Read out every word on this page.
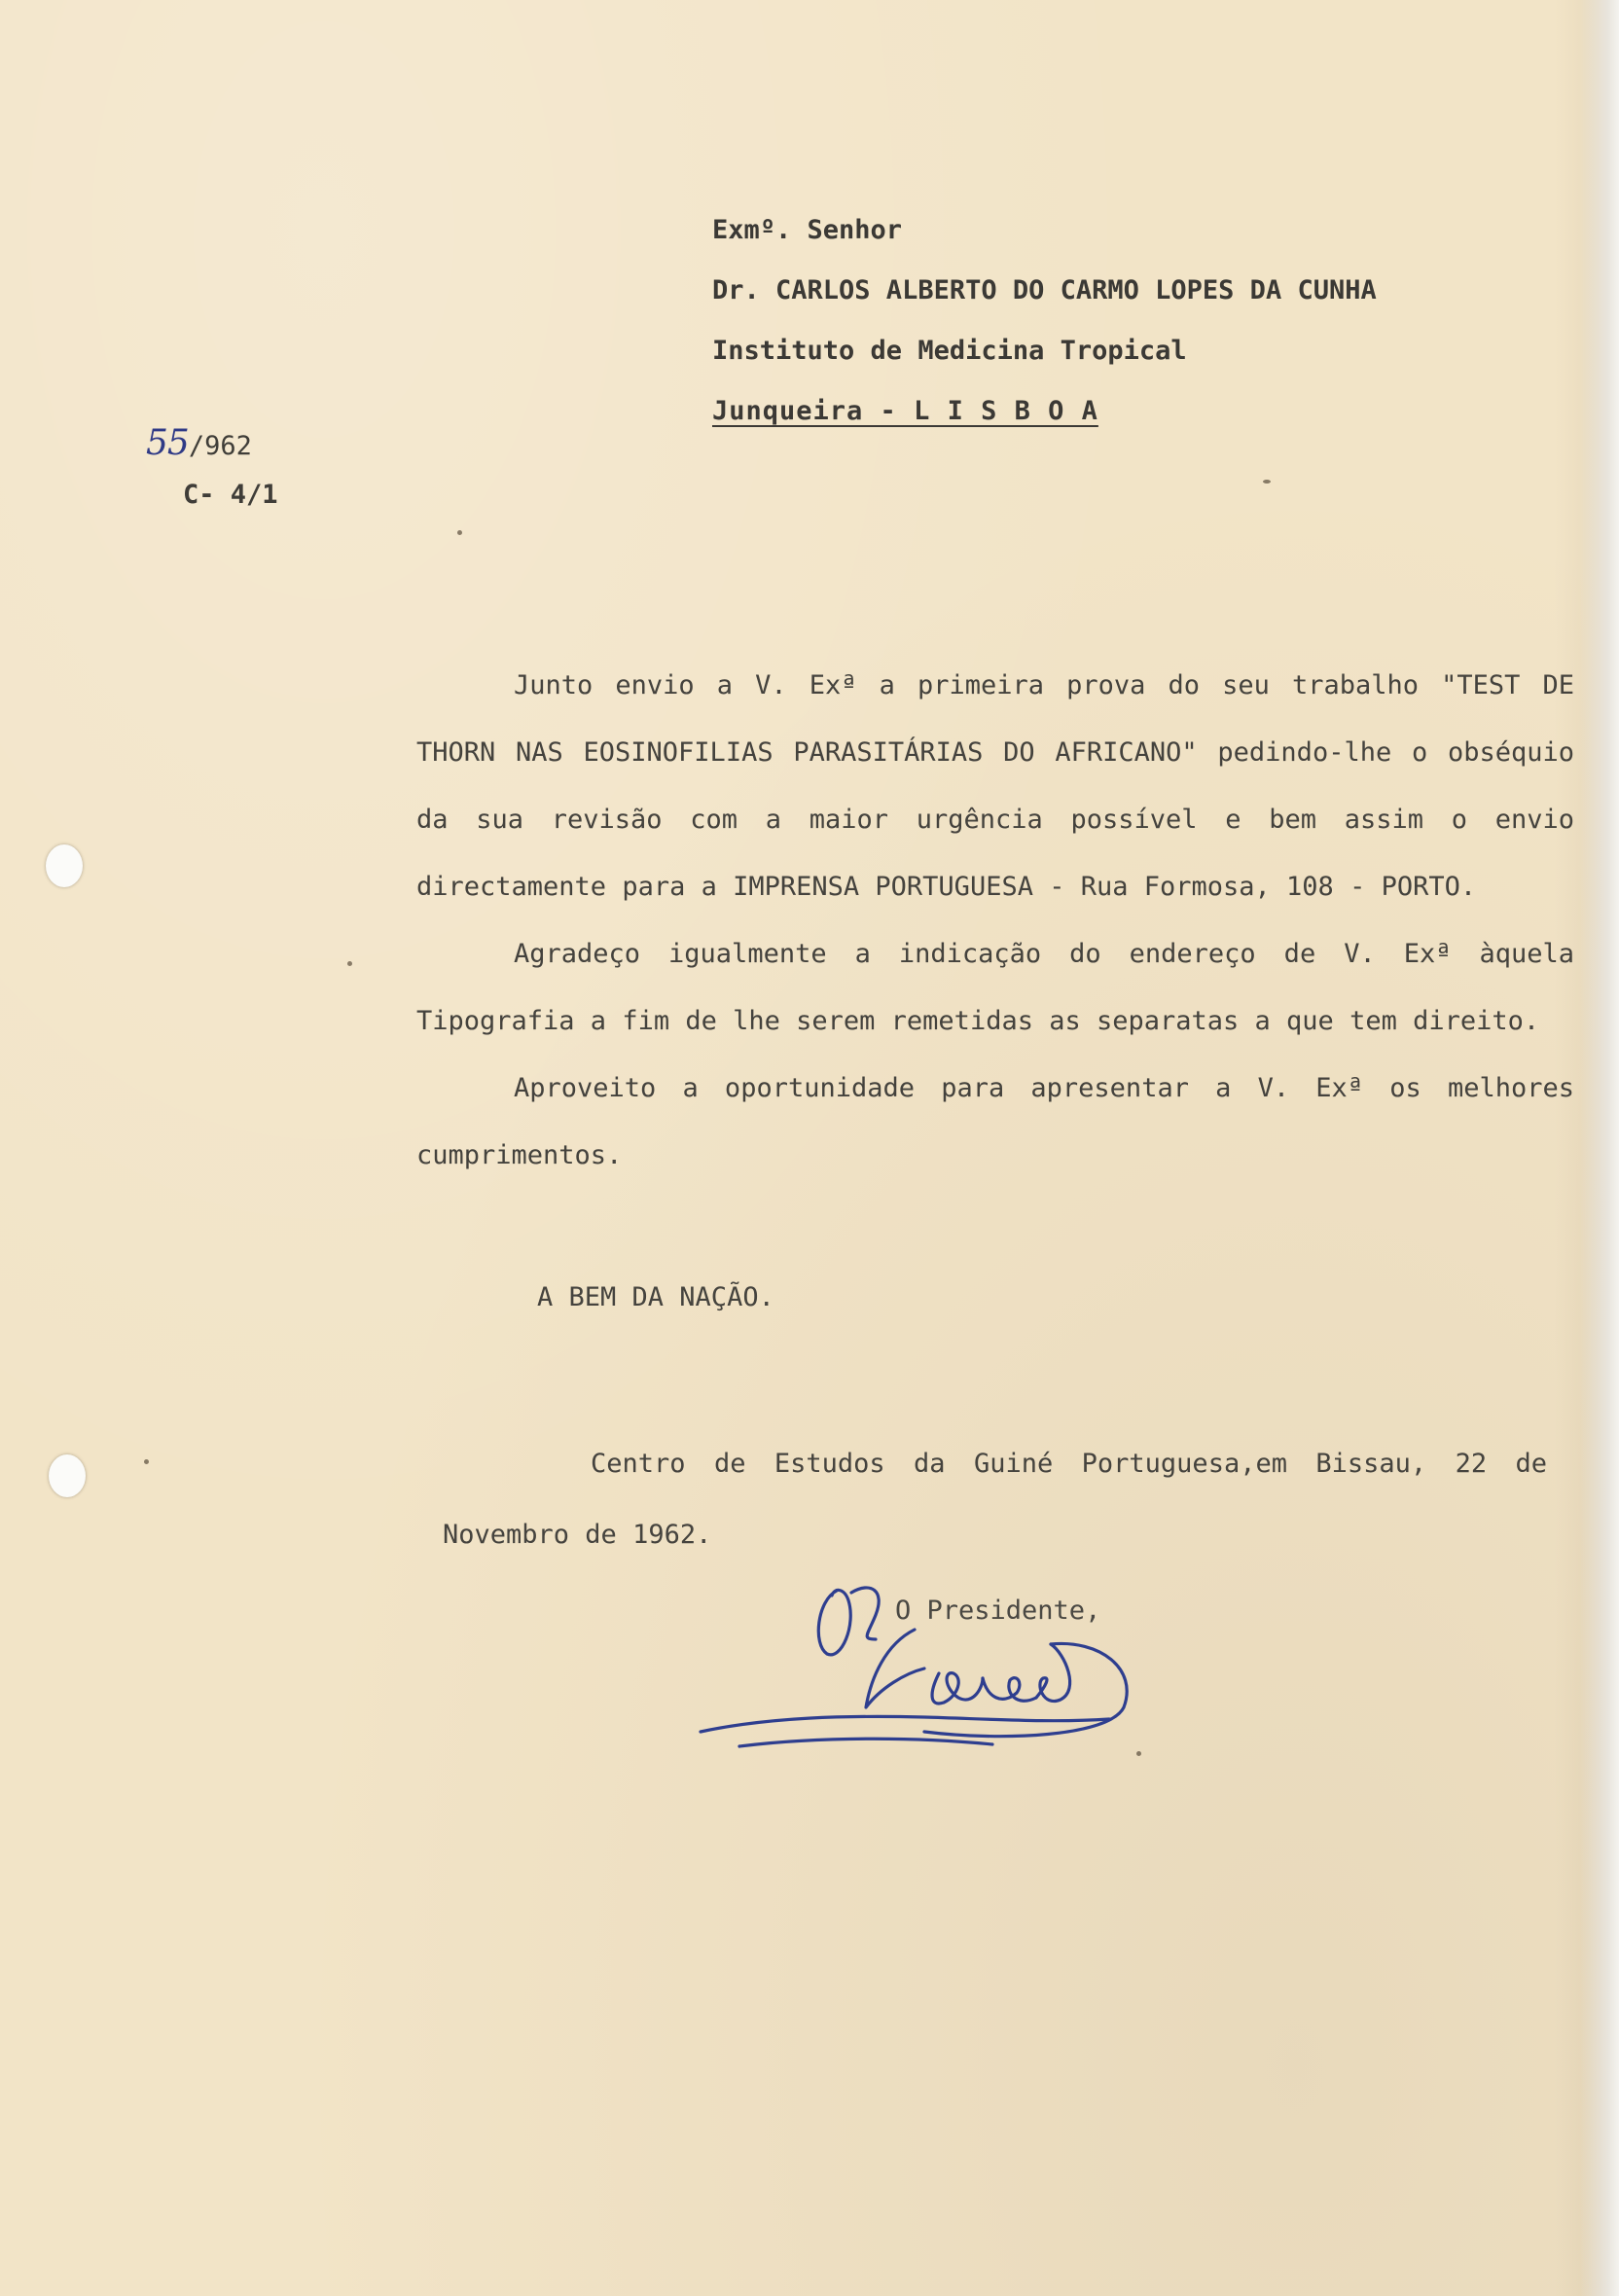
55/962
C- 4/1
Exmº. Senhor
Dr. CARLOS ALBERTO DO CARMO LOPES DA CUNHA
Instituto de Medicina Tropical
Junqueira - L I S B O A

Junto envio a V. Exª a primeira prova do seu trabalho "TEST DE THORN NAS EOSINOFILIAS PARASITÁRIAS DO AFRICANO" pedindo-lhe o obséquio da sua revisão com a maior urgência possível e bem assim o envio directamente para a IMPRENSA PORTUGUESA - Rua Formosa, 108 - PORTO.

Agradeço igualmente a indicação do endereço de V. Exª àquela Tipografia a fim de lhe serem remetidas as separatas a que tem direito.

Aproveito a oportunidade para apresentar a V. Exª os melhores cumprimentos.

A BEM DA NAÇÃO.
Centro de Estudos da Guiné Portuguesa,em Bissau, 22 de Novembro de 1962.
O Presidente,
